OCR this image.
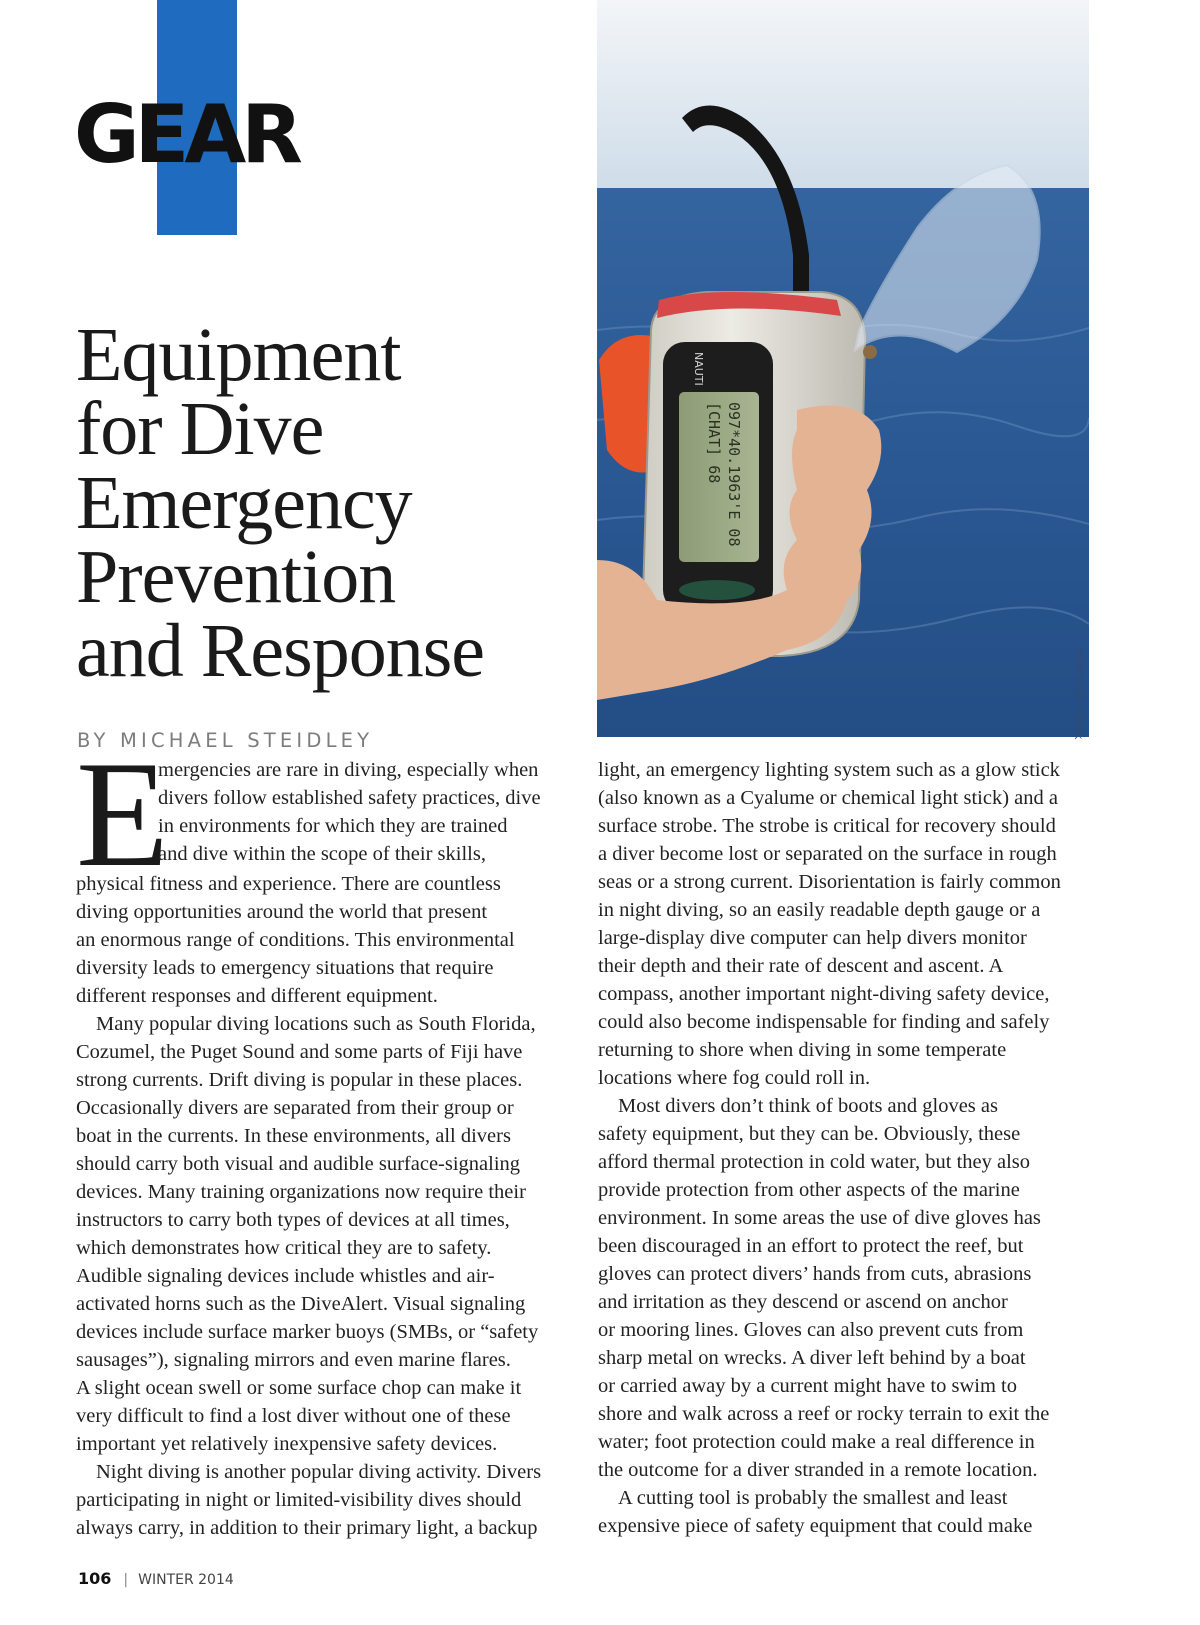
GEAR
Equipment
for Dive
Emergency
Prevention
and Response
NAUTI
097*40.1963'E 08
[CHAT] 68
STEPHEN FRINK
BY MICHAEL STEIDLEY

E
mergencies are rare in diving, especially when
divers follow established safety practices, dive
in environments for which they are trained
and dive within the scope of their skills,
physical fitness and experience. There are countless
diving opportunities around the world that present
an enormous range of conditions. This environmental
diversity leads to emergency situations that require
different responses and different equipment.

Many popular diving locations such as South Florida,
Cozumel, the Puget Sound and some parts of Fiji have
strong currents. Drift diving is popular in these places.
Occasionally divers are separated from their group or
boat in the currents. In these environments, all divers
should carry both visual and audible surface-signaling
devices. Many training organizations now require their
instructors to carry both types of devices at all times,
which demonstrates how critical they are to safety.
Audible signaling devices include whistles and air-
activated horns such as the DiveAlert. Visual signaling
devices include surface marker buoys (SMBs, or “safety
sausages”), signaling mirrors and even marine flares.
A slight ocean swell or some surface chop can make it
very difficult to find a lost diver without one of these
important yet relatively inexpensive safety devices.

Night diving is another popular diving activity. Divers
participating in night or limited-visibility dives should
always carry, in addition to their primary light, a backup

light, an emergency lighting system such as a glow stick
(also known as a Cyalume or chemical light stick) and a
surface strobe. The strobe is critical for recovery should
a diver become lost or separated on the surface in rough
seas or a strong current. Disorientation is fairly common
in night diving, so an easily readable depth gauge or a
large-display dive computer can help divers monitor
their depth and their rate of descent and ascent. A
compass, another important night-diving safety device,
could also become indispensable for finding and safely
returning to shore when diving in some temperate
locations where fog could roll in.

Most divers don’t think of boots and gloves as
safety equipment, but they can be. Obviously, these
afford thermal protection in cold water, but they also
provide protection from other aspects of the marine
environment. In some areas the use of dive gloves has
been discouraged in an effort to protect the reef, but
gloves can protect divers’ hands from cuts, abrasions
and irritation as they descend or ascend on anchor
or mooring lines. Gloves can also prevent cuts from
sharp metal on wrecks. A diver left behind by a boat
or carried away by a current might have to swim to
shore and walk across a reef or rocky terrain to exit the
water; foot protection could make a real difference in
the outcome for a diver stranded in a remote location.

A cutting tool is probably the smallest and least
expensive piece of safety equipment that could make

106 | WINTER 2014
